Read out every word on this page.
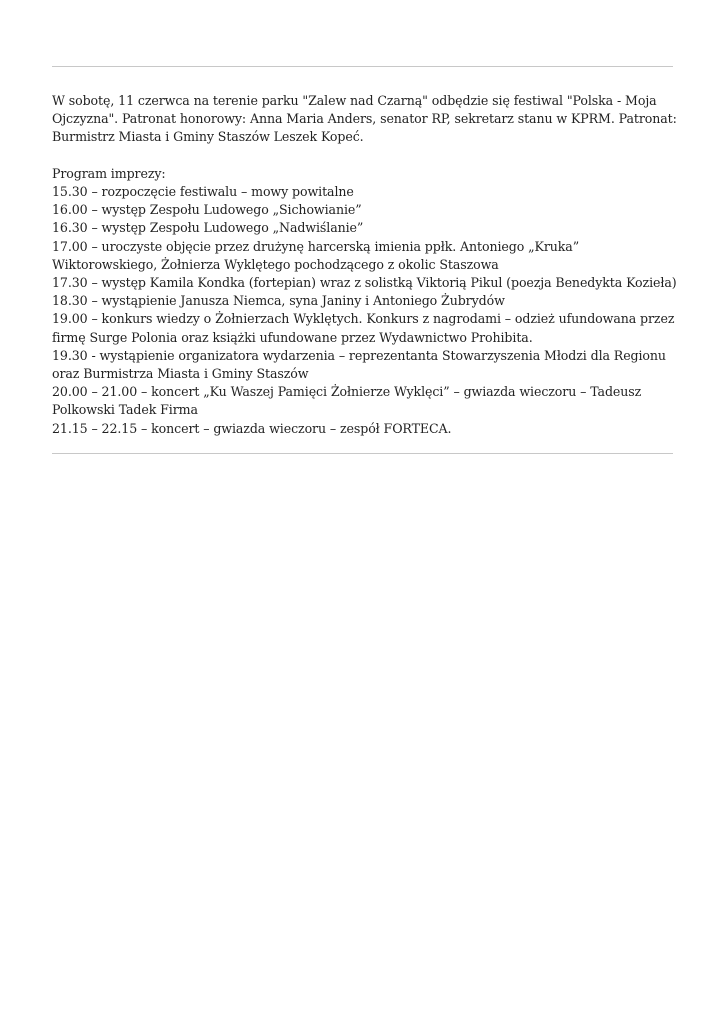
W sobotę, 11 czerwca na terenie parku "Zalew nad Czarną" odbędzie się festiwal "Polska - Moja Ojczyzna". Patronat honorowy: Anna Maria Anders, senator RP, sekretarz stanu w KPRM. Patronat: Burmistrz Miasta i Gminy Staszów Leszek Kopeć.

Program imprezy:

15.30 – rozpoczęcie festiwalu – mowy powitalne

16.00 – występ Zespołu Ludowego „Sichowianie”

16.30 – występ Zespołu Ludowego „Nadwiślanie”

17.00 – uroczyste objęcie przez drużynę harcerską imienia ppłk. Antoniego „Kruka” Wiktorowskiego, Żołnierza Wyklętego pochodzącego z okolic Staszowa

17.30 – występ Kamila Kondka (fortepian) wraz z solistką Viktorią Pikul (poezja Benedykta Kozieła)

18.30 – wystąpienie Janusza Niemca, syna Janiny i Antoniego Żubrydów

19.00 – konkurs wiedzy o Żołnierzach Wyklętych. Konkurs z nagrodami – odzież ufundowana przez firmę Surge Polonia oraz książki ufundowane przez Wydawnictwo Prohibita.

19.30 - wystąpienie organizatora wydarzenia – reprezentanta Stowarzyszenia Młodzi dla Regionu oraz Burmistrza Miasta i Gminy Staszów

20.00 – 21.00 – koncert „Ku Waszej Pamięci Żołnierze Wyklęci” – gwiazda wieczoru – Tadeusz Polkowski Tadek Firma

21.15 – 22.15 – koncert – gwiazda wieczoru – zespół FORTECA.
